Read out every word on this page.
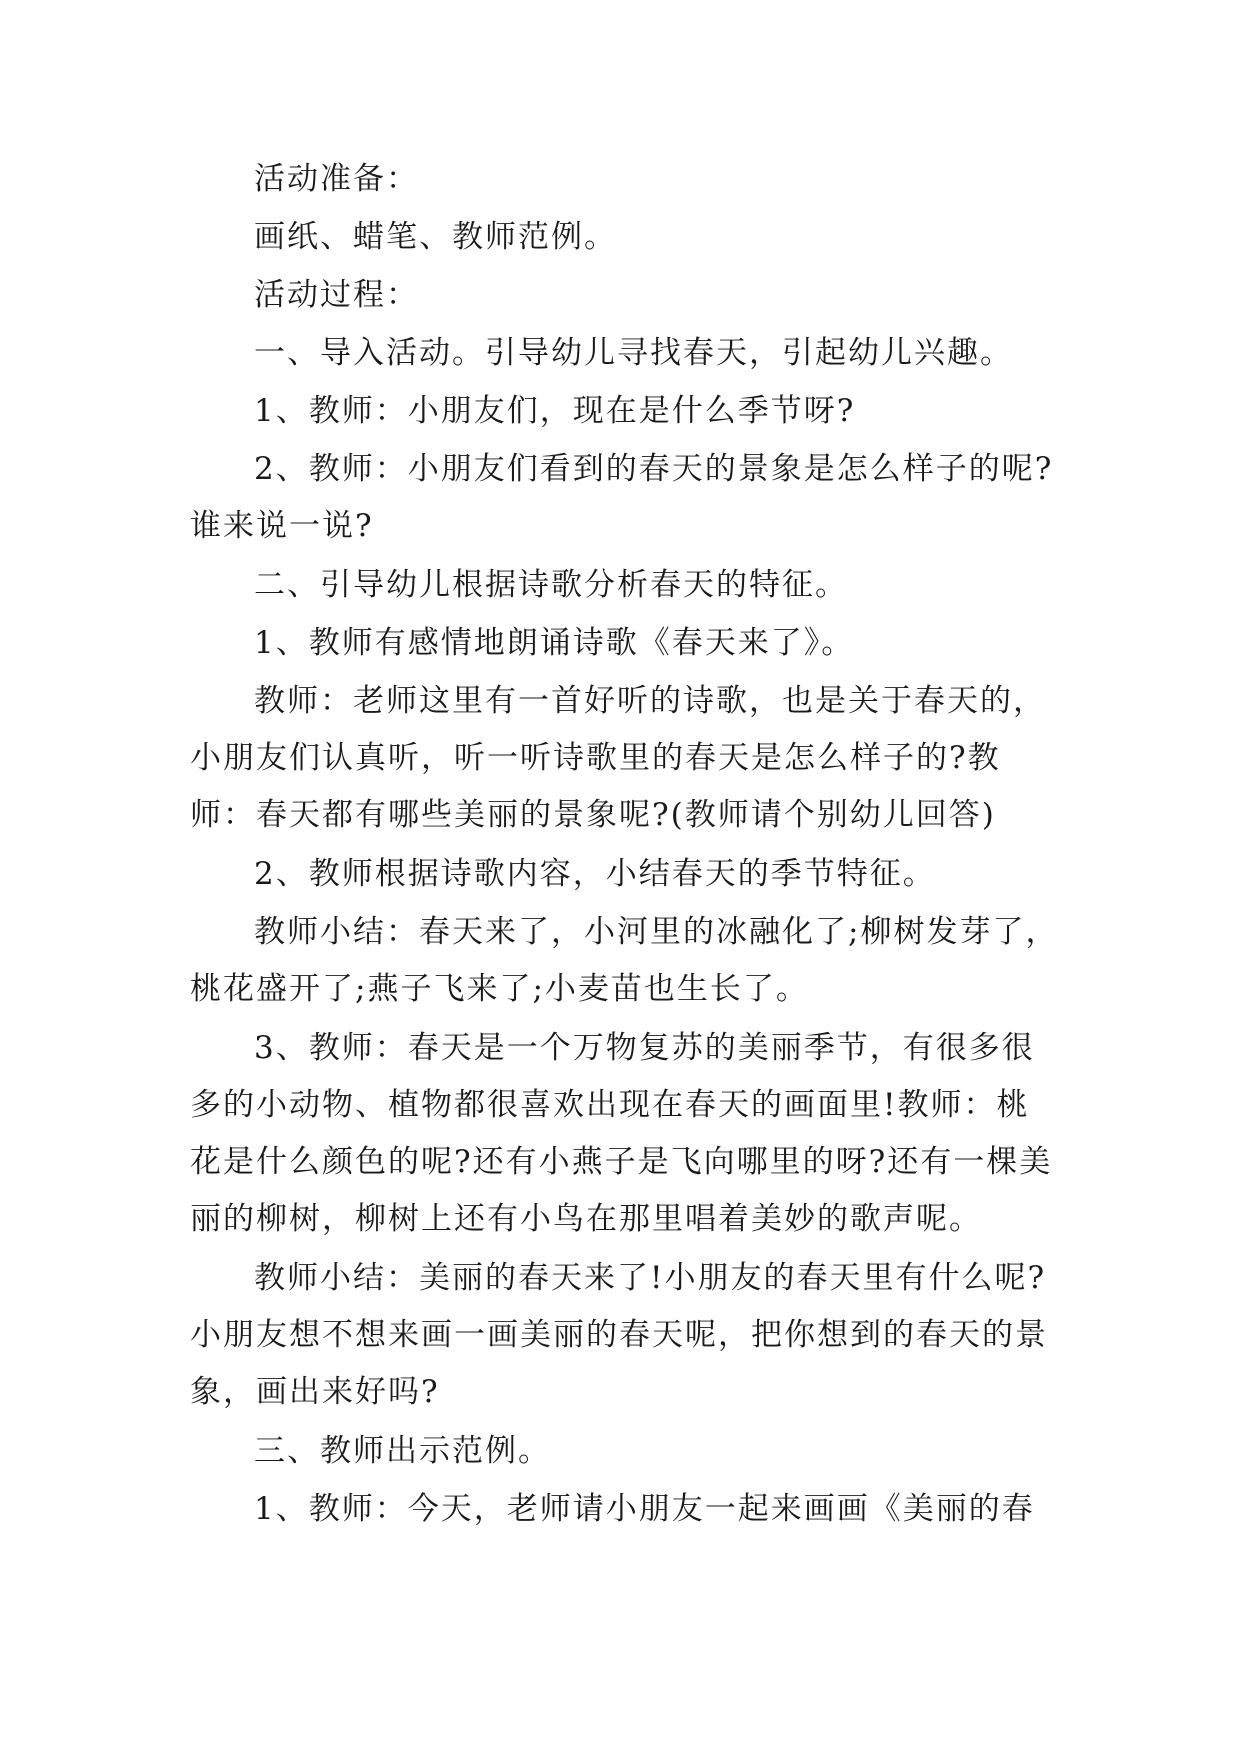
活动准备：

画纸、蜡笔、教师范例。

活动过程：

一、导入活动。引导幼儿寻找春天，引起幼儿兴趣。

1、教师：小朋友们，现在是什么季节呀?

2、教师：小朋友们看到的春天的景象是怎么样子的呢?谁来说一说?

二、引导幼儿根据诗歌分析春天的特征。

1、教师有感情地朗诵诗歌《春天来了》。

教师：老师这里有一首好听的诗歌，也是关于春天的，小朋友们认真听，听一听诗歌里的春天是怎么样子的?教师：春天都有哪些美丽的景象呢?(教师请个别幼儿回答)

2、教师根据诗歌内容，小结春天的季节特征。

教师小结：春天来了，小河里的冰融化了;柳树发芽了，桃花盛开了;燕子飞来了;小麦苗也生长了。

3、教师：春天是一个万物复苏的美丽季节，有很多很多的小动物、植物都很喜欢出现在春天的画面里!教师：桃花是什么颜色的呢?还有小燕子是飞向哪里的呀?还有一棵美丽的柳树，柳树上还有小鸟在那里唱着美妙的歌声呢。

教师小结：美丽的春天来了!小朋友的春天里有什么呢?小朋友想不想来画一画美丽的春天呢，把你想到的春天的景象，画出来好吗?

三、教师出示范例。

1、教师：今天，老师请小朋友一起来画画《美丽的春
